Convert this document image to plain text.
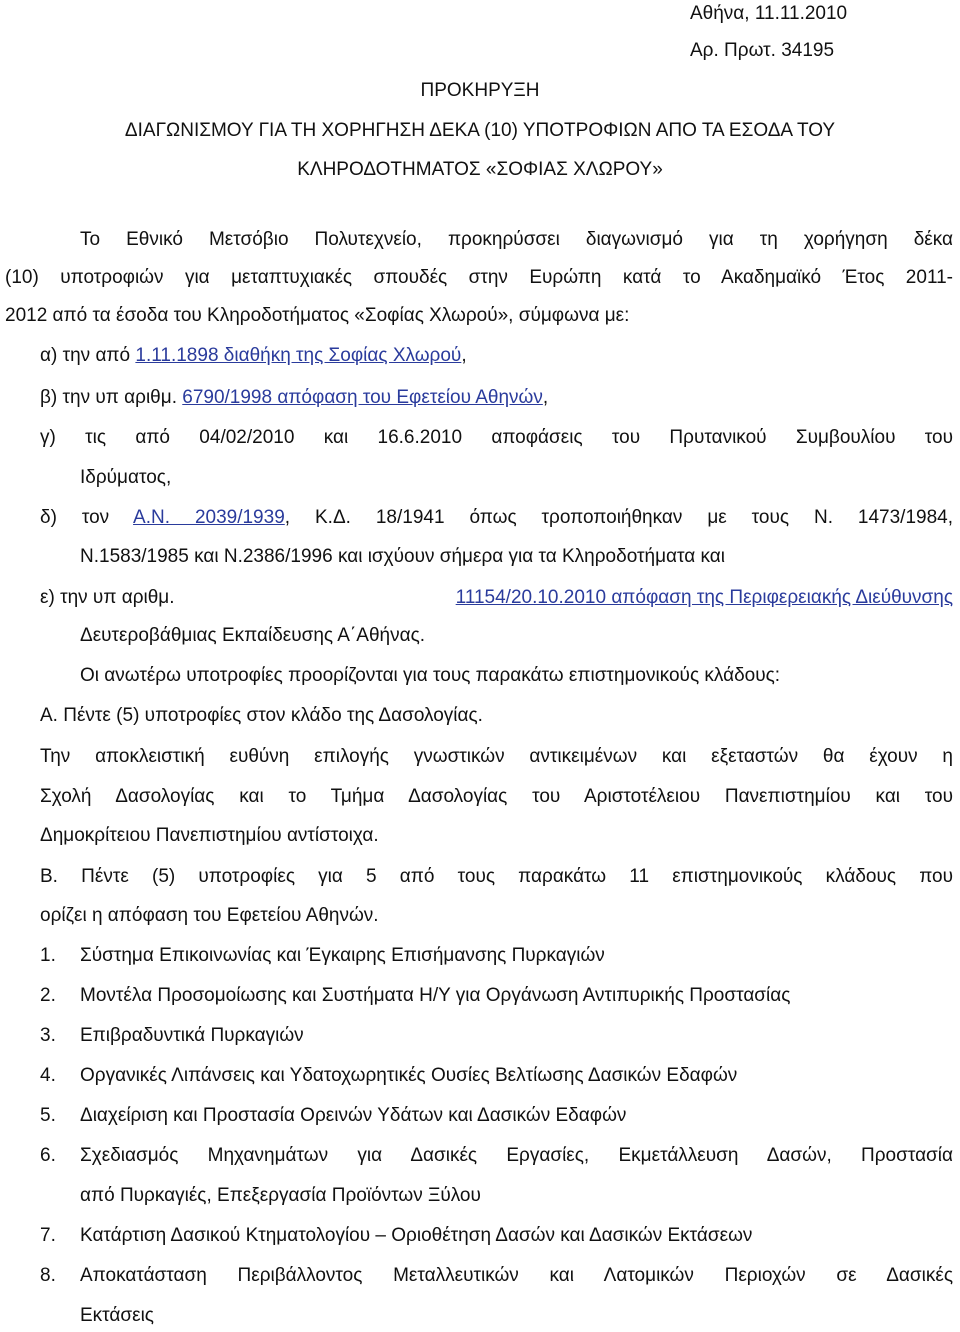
Αθήνα, 11.11.2010
Αρ. Πρωτ. 34195
ΠΡΟΚΗΡΥΞΗ
ΔΙΑΓΩΝΙΣΜΟΥ ΓΙΑ ΤΗ ΧΟΡΗΓΗΣΗ ΔΕΚΑ (10) ΥΠΟΤΡΟΦΙΩΝ ΑΠΟ ΤΑ ΕΣΟΔΑ ΤΟΥ
ΚΛΗΡΟΔΟΤΗΜΑΤΟΣ «ΣΟΦΙΑΣ ΧΛΩΡΟΥ»
Το Εθνικό Μετσόβιο Πολυτεχνείο, προκηρύσσει διαγωνισμό για τη χορήγηση δέκα
(10) υποτροφιών για μεταπτυχιακές σπουδές στην Ευρώπη κατά το Ακαδημαϊκό Έτος 2011-
2012 από τα έσοδα του Κληροδοτήματος «Σοφίας Χλωρού», σύμφωνα με:
α) την από 1.11.1898 διαθήκη της Σοφίας Χλωρού,
β) την υπ αριθμ. 6790/1998 απόφαση του Εφετείου Αθηνών,
γ) τις από 04/02/2010 και 16.6.2010 αποφάσεις του Πρυτανικού Συμβουλίου του
Ιδρύματος,
δ) τον Α.Ν. 2039/1939, Κ.Δ. 18/1941 όπως τροποποιήθηκαν με τους Ν. 1473/1984,
Ν.1583/1985 και Ν.2386/1996 και ισχύουν σήμερα για τα Κληροδοτήματα και
ε) την υπ αριθμ.	11154/20.10.2010 απόφαση της Περιφερειακής Διεύθυνσης
Δευτεροβάθμιας Εκπαίδευσης Α΄Αθήνας.
Οι ανωτέρω υποτροφίες προορίζονται για τους παρακάτω επιστημονικούς κλάδους:
Α. Πέντε (5) υποτροφίες στον κλάδο της Δασολογίας.
Την αποκλειστική ευθύνη επιλογής γνωστικών αντικειμένων και εξεταστών θα έχουν η
Σχολή Δασολογίας και το Τμήμα Δασολογίας του Αριστοτέλειου Πανεπιστημίου και του
Δημοκρίτειου Πανεπιστημίου αντίστοιχα.
Β. Πέντε (5) υποτροφίες για 5 από τους παρακάτω 11 επιστημονικούς κλάδους που
ορίζει η απόφαση του Εφετείου Αθηνών.
1. Σύστημα Επικοινωνίας και Έγκαιρης Επισήμανσης Πυρκαγιών
2. Μοντέλα Προσομοίωσης και Συστήματα Η/Υ για Οργάνωση Αντιπυρικής Προστασίας
3. Επιβραδυντικά Πυρκαγιών
4. Οργανικές Λιπάνσεις και Υδατοχωρητικές Ουσίες Βελτίωσης Δασικών Εδαφών
5. Διαχείριση και Προστασία Ορεινών Υδάτων και Δασικών Εδαφών
6. Σχεδιασμός Μηχανημάτων για Δασικές Εργασίες, Εκμετάλλευση Δασών, Προστασία
από Πυρκαγιές, Επεξεργασία Προϊόντων Ξύλου
7. Κατάρτιση Δασικού Κτηματολογίου – Οριοθέτηση Δασών και Δασικών Εκτάσεων
8. Αποκατάσταση Περιβάλλοντος Μεταλλευτικών και Λατομικών Περιοχών σε Δασικές
Εκτάσεις
